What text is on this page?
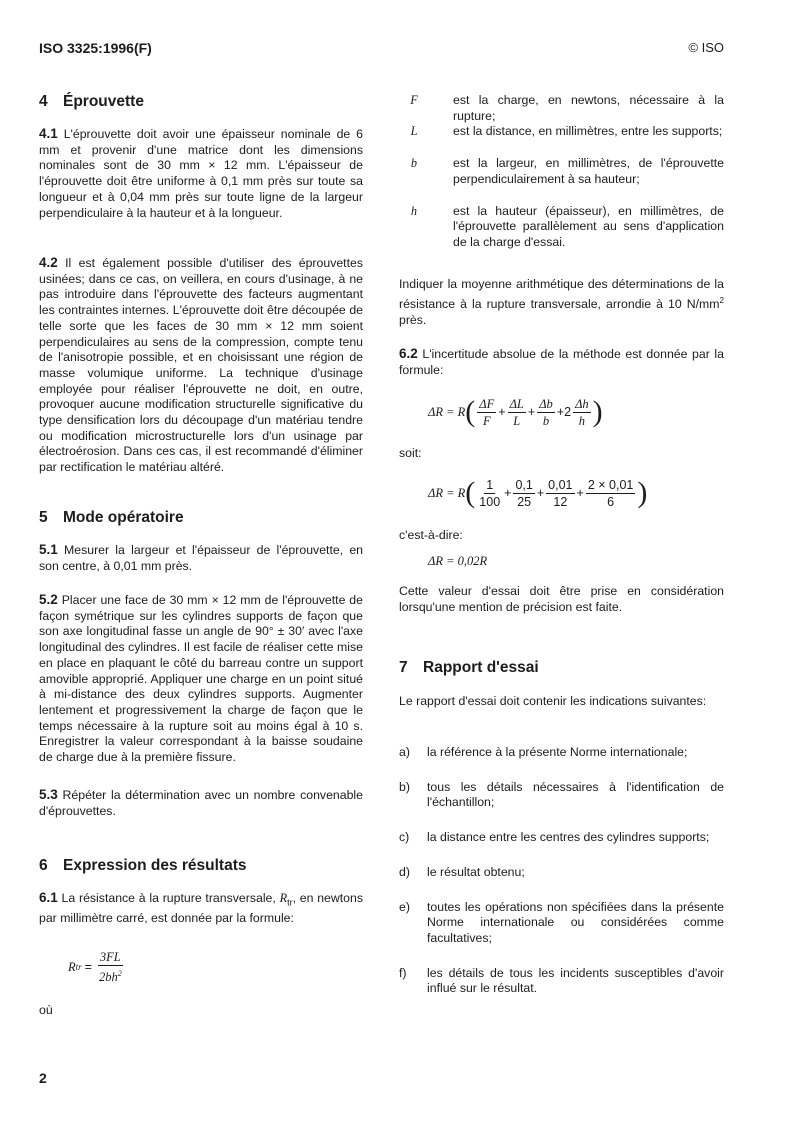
ISO 3325:1996(F)	© ISO
4 Éprouvette

4.1 L'éprouvette doit avoir une épaisseur nominale de 6 mm et provenir d'une matrice dont les dimensions nominales sont de 30 mm × 12 mm. L'épaisseur de l'éprouvette doit être uniforme à 0,1 mm près sur toute sa longueur et à 0,04 mm près sur toute ligne de la largeur perpendiculaire à la hauteur et à la longueur.

4.2 Il est également possible d'utiliser des éprouvettes usinées; dans ce cas, on veillera, en cours d'usinage, à ne pas introduire dans l'éprouvette des facteurs augmentant les contraintes internes. L'éprouvette doit être découpée de telle sorte que les faces de 30 mm × 12 mm soient perpendiculaires au sens de la compression, compte tenu de l'anisotropie possible, et en choisissant une région de masse volumique uniforme. La technique d'usinage employée pour réaliser l'éprouvette ne doit, en outre, provoquer aucune modification structurelle significative du type densification lors du découpage d'un matériau tendre ou modification microstructurelle lors d'un usinage par électroérosion. Dans ces cas, il est recommandé d'éliminer par rectification le matériau altéré.

5 Mode opératoire

5.1 Mesurer la largeur et l'épaisseur de l'éprouvette, en son centre, à 0,01 mm près.

5.2 Placer une face de 30 mm × 12 mm de l'éprouvette de façon symétrique sur les cylindres supports de façon que son axe longitudinal fasse un angle de 90° ± 30′ avec l'axe longitudinal des cylindres. Il est facile de réaliser cette mise en place en plaquant le côté du barreau contre un support amovible approprié. Appliquer une charge en un point situé à mi-distance des deux cylindres supports. Augmenter lentement et progressivement la charge de façon que le temps nécessaire à la rupture soit au moins égal à 10 s. Enregistrer la valeur correspondant à la baisse soudaine de charge due à la première fissure.

5.3 Répéter la détermination avec un nombre convenable d'éprouvettes.

6 Expression des résultats

6.1 La résistance à la rupture transversale, $R_{tr}$, en newtons par millimètre carré, est donnée par la formule:

R tr = $\frac{3FL}{2bh^2}$
où
2
F	est la charge, en newtons, nécessaire à la rupture;

L	est la distance, en millimètres, entre les supports;

b	est la largeur, en millimètres, de l'éprouvette perpendiculairement à sa hauteur;

h	est la hauteur (épaisseur), en millimètres, de l'éprouvette parallèlement au sens d'application de la charge d'essai.

Indiquer la moyenne arithmétique des déterminations de la résistance à la rupture transversale, arrondie à 10 $N/mm^2$ près.

6.2 L'incertitude absolue de la méthode est donnée par la formule:

ΔR = R ( $\frac{\Delta F}{F} + \frac{\Delta L}{L} + \frac{\Delta b}{b} + 2 \frac{\Delta h}{h}$ )
soit:
ΔR = R ( $\frac{1}{100} + \frac{0,1}{25} + \frac{0,01}{12} + \frac{2 \times 0,01}{6}$ )
c'est-à-dire:
ΔR = 0,02R

Cette valeur d'essai doit être prise en considération lorsqu'une mention de précision est faite.

7 Rapport d'essai

Le rapport d'essai doit contenir les indications suivantes:

a)	la référence à la présente Norme internationale;

b)	tous les détails nécessaires à l'identification de l'échantillon;

c)	la distance entre les centres des cylindres supports;

d)	le résultat obtenu;

e)	toutes les opérations non spécifiées dans la présente Norme internationale ou considérées comme facultatives;

f)	les détails de tous les incidents susceptibles d'avoir influé sur le résultat.
